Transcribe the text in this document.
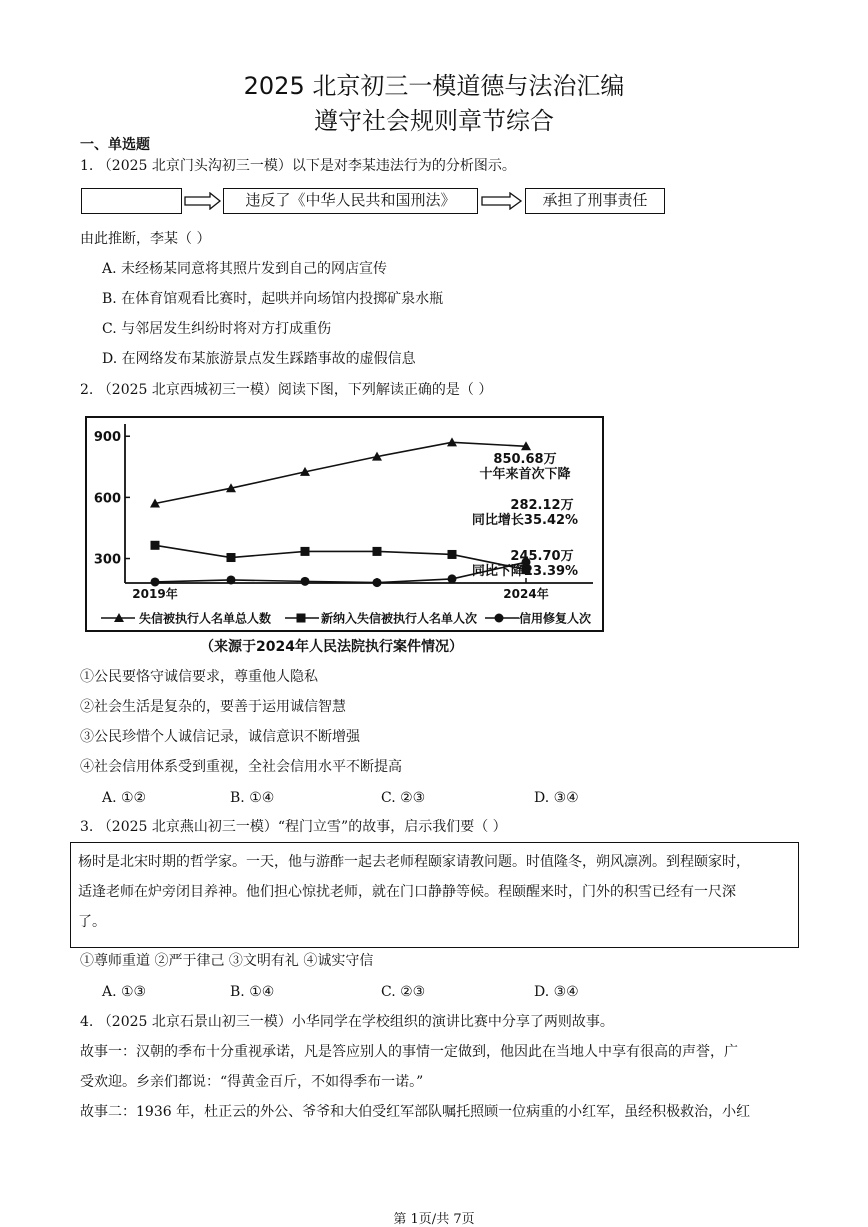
2025 北京初三一模道德与法治汇编
遵守社会规则章节综合
一、单选题
1. （2025 北京门头沟初三一模）以下是对李某违法行为的分析图示。
违反了《中华人民共和国刑法》	承担了刑事责任
由此推断，李某（ ）
A. 未经杨某同意将其照片发到自己的网店宣传
B. 在体育馆观看比赛时，起哄并向场馆内投掷矿泉水瓶
C. 与邻居发生纠纷时将对方打成重伤
D. 在网络发布某旅游景点发生踩踏事故的虚假信息
2. （2025 北京西城初三一模）阅读下图，下列解读正确的是（ ）
300
600
900
2019年	2024年
850.68万
十年来首次下降
282.12万
同比增长35.42%
245.70万
同比下降23.39%
失信被执行人名单总人数	新纳入失信被执行人名单人次	信用修复人次
（来源于2024年人民法院执行案件情况）
①公民要恪守诚信要求，尊重他人隐私
②社会生活是复杂的，要善于运用诚信智慧
③公民珍惜个人诚信记录，诚信意识不断增强
④社会信用体系受到重视，全社会信用水平不断提高
A. ①②	B. ①④	C. ②③	D. ③④
3. （2025 北京燕山初三一模）“程门立雪”的故事，启示我们要（ ）
杨时是北宋时期的哲学家。一天，他与游酢一起去老师程颐家请教问题。时值隆冬，朔风凛冽。到程颐家时，
适逢老师在炉旁闭目养神。他们担心惊扰老师，就在门口静静等候。程颐醒来时，门外的积雪已经有一尺深
了。
①尊师重道 ②严于律己 ③文明有礼 ④诚实守信
A. ①③	B. ①④	C. ②③	D. ③④
4. （2025 北京石景山初三一模）小华同学在学校组织的演讲比赛中分享了两则故事。
故事一：汉朝的季布十分重视承诺，凡是答应别人的事情一定做到，他因此在当地人中享有很高的声誉，广
受欢迎。乡亲们都说：“得黄金百斤，不如得季布一诺。”
故事二：1936 年，杜正云的外公、爷爷和大伯受红军部队嘱托照顾一位病重的小红军，虽经积极救治，小红
第 1页/共 7页
